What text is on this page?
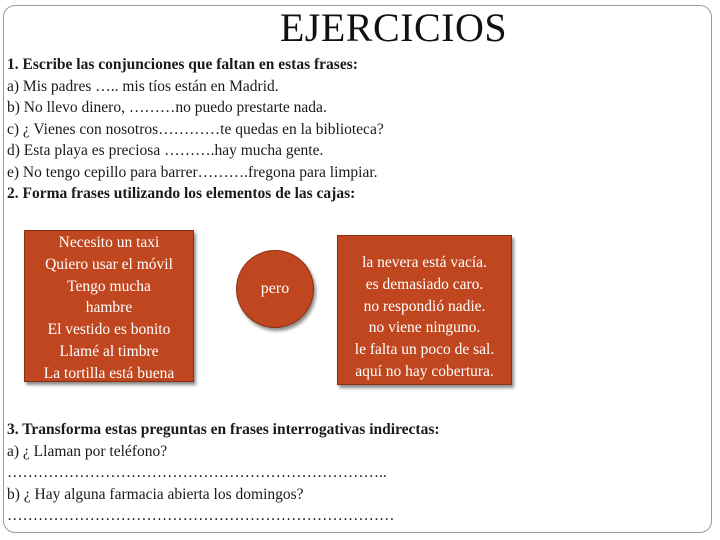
EJERCICIOS
1. Escribe las conjunciones que faltan en estas frases:
a) Mis padres ….. mis tíos están en Madrid.
b) No llevo dinero, ………no puedo prestarte nada.
c) ¿ Vienes con nosotros…………te quedas en la biblioteca?
d) Esta playa es preciosa ……….hay mucha gente.
e) No tengo cepillo para barrer……….fregona para limpiar.
2. Forma frases utilizando los elementos de las cajas:
Necesito un taxi
Quiero usar el móvil
Tengo mucha
hambre
El vestido es bonito
Llamé al timbre
La tortilla está buena
pero
la nevera está vacía.
es demasiado caro.
no respondió nadie.
no viene ninguno.
le falta un poco de sal.
aquí no hay cobertura.
3. Transforma estas preguntas en frases interrogativas indirectas:
a) ¿ Llaman por teléfono?
………………………………………………………………..
b) ¿ Hay alguna farmacia abierta los domingos?
…………………………………………………………………
